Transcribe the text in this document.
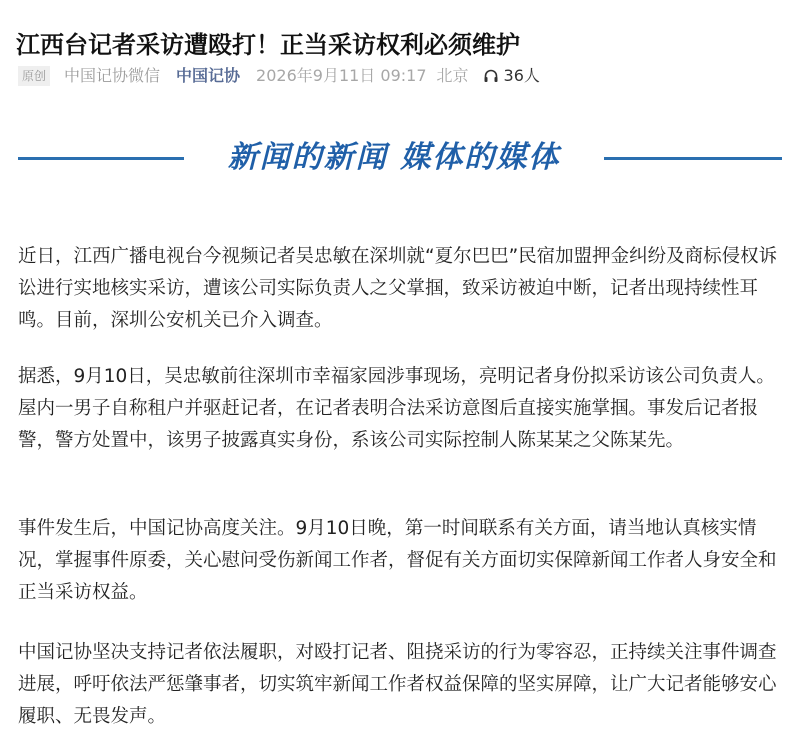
江西台记者采访遭殴打！正当采访权利必须维护
原创 中国记协微信 中国记协 2026年9月11日 09:17 北京 36人
新闻的新闻 媒体的媒体

近日，江西广播电视台今视频记者吴忠敏在深圳就“夏尔巴巴”民宿加盟押金纠纷及商标侵权诉讼进行实地核实采访，遭该公司实际负责人之父掌掴，致采访被迫中断，记者出现持续性耳鸣。目前，深圳公安机关已介入调查。

据悉，9月10日，吴忠敏前往深圳市幸福家园涉事现场，亮明记者身份拟采访该公司负责人。屋内一男子自称租户并驱赶记者，在记者表明合法采访意图后直接实施掌掴。事发后记者报警，警方处置中，该男子披露真实身份，系该公司实际控制人陈某某之父陈某先。

事件发生后，中国记协高度关注。9月10日晚，第一时间联系有关方面，请当地认真核实情况，掌握事件原委，关心慰问受伤新闻工作者，督促有关方面切实保障新闻工作者人身安全和正当采访权益。

中国记协坚决支持记者依法履职，对殴打记者、阻挠采访的行为零容忍，正持续关注事件调查进展，呼吁依法严惩肇事者，切实筑牢新闻工作者权益保障的坚实屏障，让广大记者能够安心履职、无畏发声。
